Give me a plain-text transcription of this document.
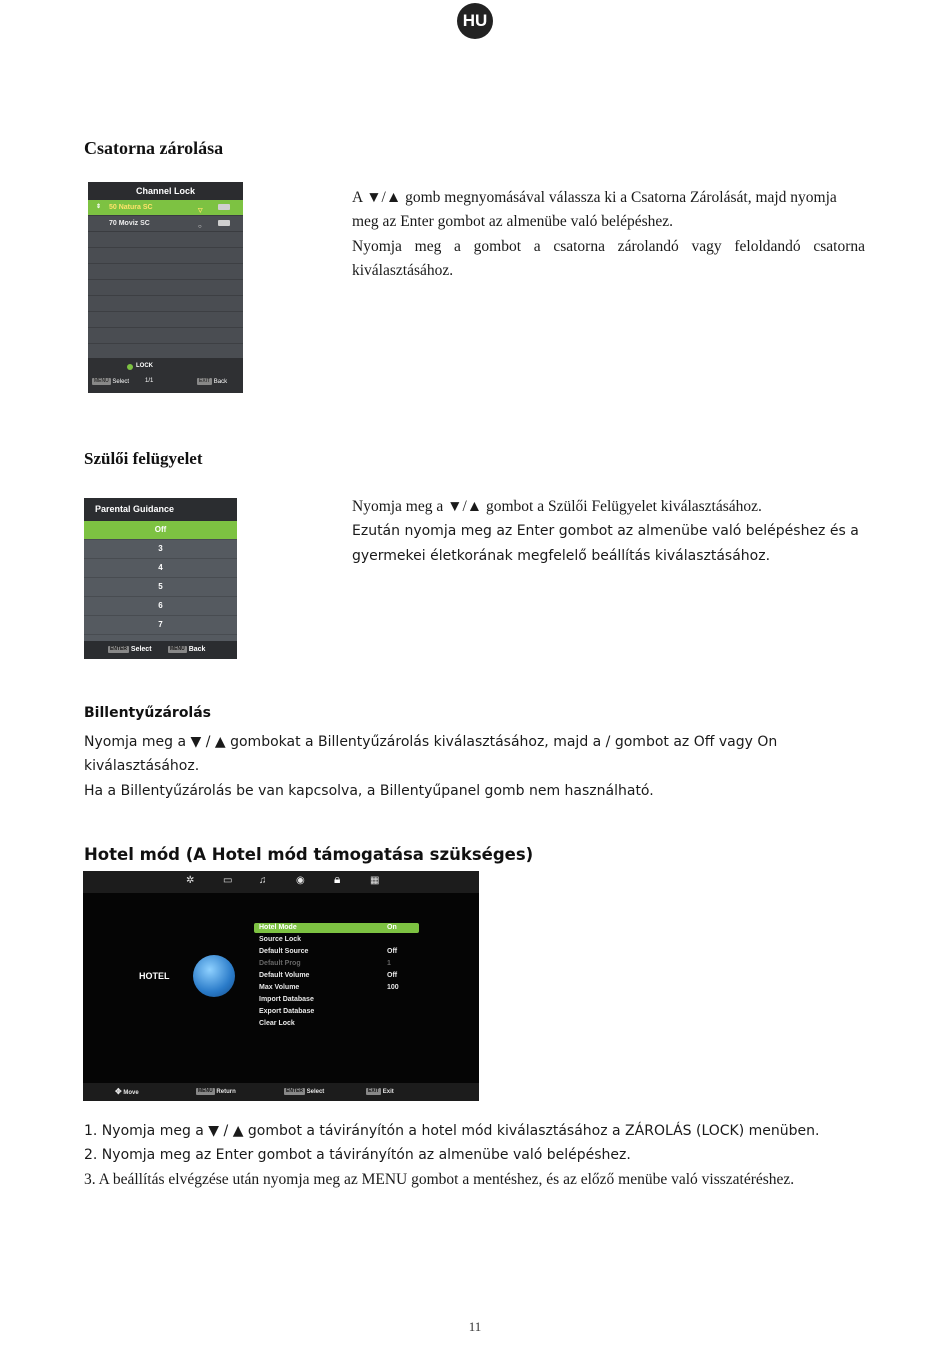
HU
Csatorna zárolása
Channel Lock
⇕ 50 Natura SC	▽
70 Moviz SC	○
LOCK
MENU Select	1/1	EXIT Back

A ▼/▲ gomb megnyomásával válassza ki a Csatorna Zárolását, majd nyomja meg az Enter gombot az almenübe való belépéshez.

Nyomja meg a gombot a csatorna zárolandó vagy feloldandó csatorna kiválasztásához.

Szülői felügyelet
Parental Guidance
Off
3
4
5
6
7
ENTER Select	MENU Back

Nyomja meg a ▼/▲ gombot a Szülői Felügyelet kiválasztásához.

Ezután nyomja meg az Enter gombot az almenübe való belépéshez és a gyermekei életkorának megfelelő beállítás kiválasztásához.

Billentyűzárolás

Nyomja meg a ▼ / ▲ gombokat a Billentyűzárolás kiválasztásához, majd a / gombot az Off vagy On kiválasztásához.

Ha a Billentyűzárolás be van kapcsolva, a Billentyűpanel gomb nem használható.

Hotel mód (A Hotel mód támogatása szükséges)
✲	▭	♫	◉ 🔒︎	▦
HOTEL
Hotel Mode	On
Source Lock
Default Source	Off
Default Prog	1
Default Volume	Off
Max Volume	100
Import Database
Export Database
Clear Lock
✥ Move	MENU Return	ENTER Select	EXIT Exit

1. Nyomja meg a ▼ / ▲ gombot a távirányítón a hotel mód kiválasztásához a ZÁROLÁS (LOCK) menüben.

2. Nyomja meg az Enter gombot a távirányítón az almenübe való belépéshez.

3. A beállítás elvégzése után nyomja meg az MENU gombot a mentéshez, és az előző menübe való visszatéréshez.

11
